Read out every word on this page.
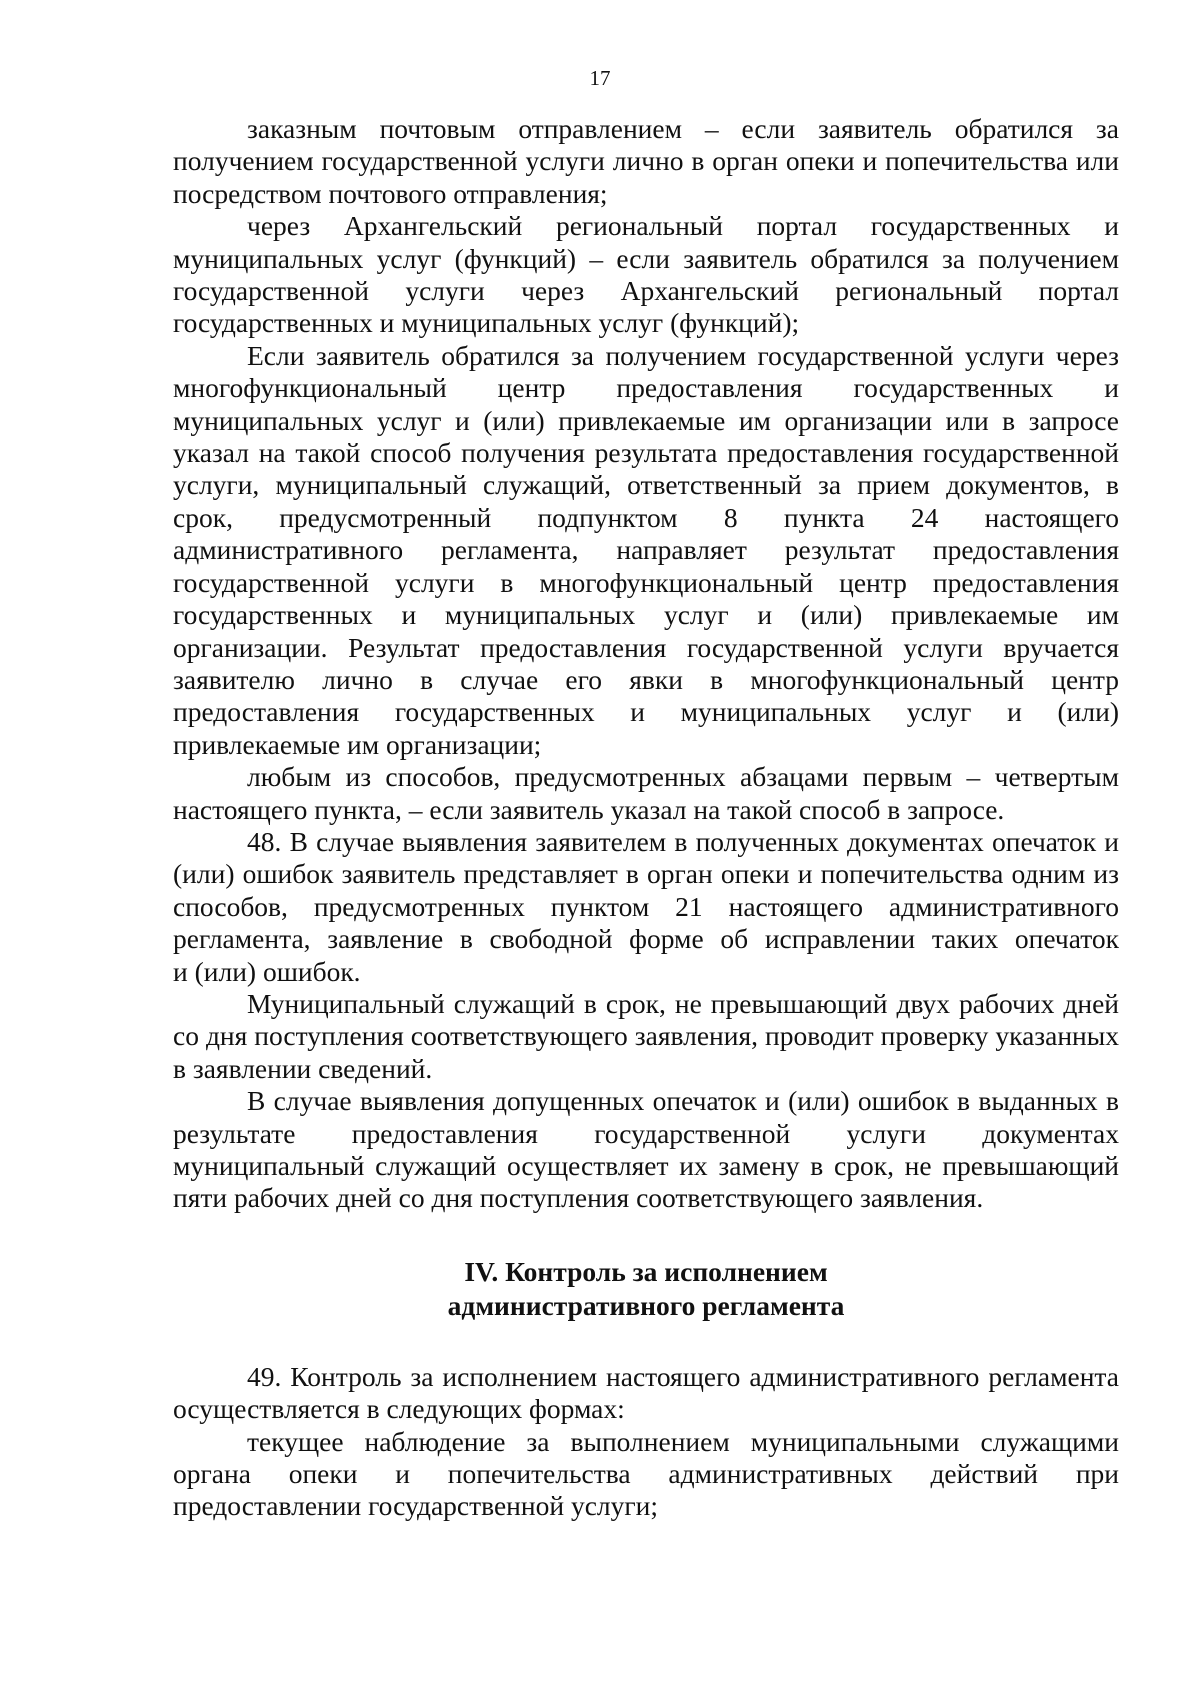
17

заказным почтовым отправлением – если заявитель обратился за получением государственной услуги лично в орган опеки и попечительства или посредством почтового отправления;

через Архангельский региональный портал государственных и муниципальных услуг (функций) – если заявитель обратился за получением государственной услуги через Архангельский региональный портал государственных и муниципальных услуг (функций);

Если заявитель обратился за получением государственной услуги через многофункциональный центр предоставления государственных и муниципальных услуг и (или) привлекаемые им организации или в запросе указал на такой способ получения результата предоставления государственной услуги, муниципальный служащий, ответственный за прием документов, в срок, предусмотренный подпунктом 8 пункта 24 настоящего административного регламента, направляет результат предоставления государственной услуги в многофункциональный центр предоставления государственных и муниципальных услуг и (или) привлекаемые им организации. Результат предоставления государственной услуги вручается заявителю лично в случае его явки в многофункциональный центр предоставления государственных и муниципальных услуг и (или) привлекаемые им организации;

любым из способов, предусмотренных абзацами первым – четвертым настоящего пункта, – если заявитель указал на такой способ в запросе.

48. В случае выявления заявителем в полученных документах опечаток и (или) ошибок заявитель представляет в орган опеки и попечительства одним из способов, предусмотренных пунктом 21 настоящего административного регламента, заявление в свободной форме об исправлении таких опечаток

и (или) ошибок.

Муниципальный служащий в срок, не превышающий двух рабочих дней со дня поступления соответствующего заявления, проводит проверку указанных в заявлении сведений.

В случае выявления допущенных опечаток и (или) ошибок в выданных в результате предоставления государственной услуги документах муниципальный служащий осуществляет их замену в срок, не превышающий пяти рабочих дней со дня поступления соответствующего заявления.

IV. Контроль за исполнением
административного регламента

49. Контроль за исполнением настоящего административного регламента осуществляется в следующих формах:

текущее наблюдение за выполнением муниципальными служащими органа опеки и попечительства административных действий при предоставлении государственной услуги;
